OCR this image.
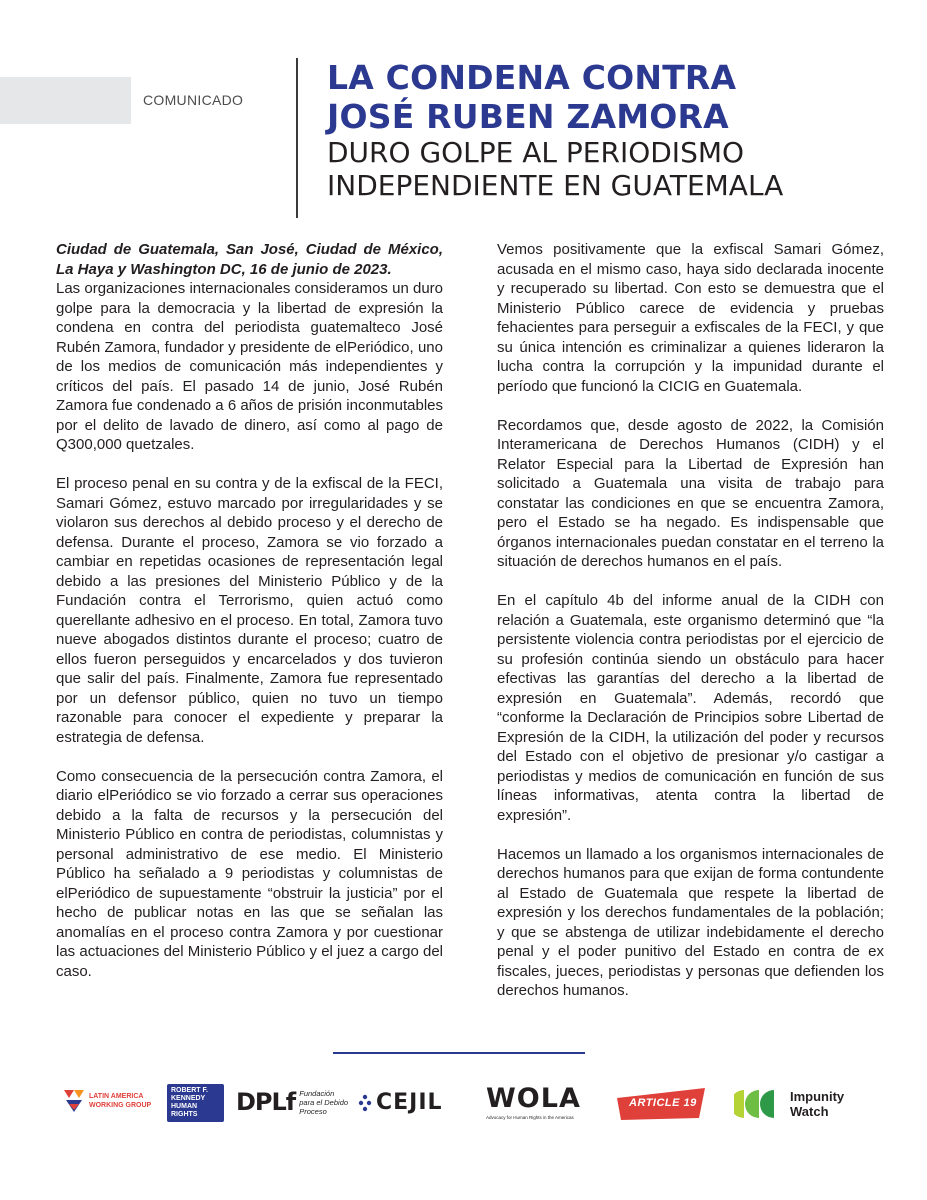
COMUNICADO
LA CONDENA CONTRA
JOSÉ RUBEN ZAMORA
DURO GOLPE AL PERIODISMO
INDEPENDIENTE EN GUATEMALA

Ciudad de Guatemala, San José, Ciudad de México, La Haya y Washington DC, 16 de junio de 2023.
Las organizaciones internacionales consideramos un duro golpe para la democracia y la libertad de expresión la condena en contra del periodista guatemalteco José Rubén Zamora, fundador y presidente de elPeriódico, uno de los medios de comunicación más independientes y críticos del país. El pasado 14 de junio, José Rubén Zamora fue condenado a 6 años de prisión inconmutables por el delito de lavado de dinero, así como al pago de Q300,000 quetzales.

El proceso penal en su contra y de la exfiscal de la FECI, Samari Gómez, estuvo marcado por irregularidades y se violaron sus derechos al debido proceso y el derecho de defensa. Durante el proceso, Zamora se vio forzado a cambiar en repetidas ocasiones de representación legal debido a las presiones del Ministerio Público y de la Fundación contra el Terrorismo, quien actuó como querellante adhesivo en el proceso. En total, Zamora tuvo nueve abogados distintos durante el proceso; cuatro de ellos fueron perseguidos y encarcelados y dos tuvieron que salir del país. Finalmente, Zamora fue representado por un defensor público, quien no tuvo un tiempo razonable para conocer el expediente y preparar la estrategia de defensa.

Como consecuencia de la persecución contra Zamora, el diario elPeriódico se vio forzado a cerrar sus operaciones debido a la falta de recursos y la persecución del Ministerio Público en contra de periodistas, columnistas y personal administrativo de ese medio. El Ministerio Público ha señalado a 9 periodistas y columnistas de elPeriódico de supuestamente “obstruir la justicia” por el hecho de publicar notas en las que se señalan las anomalías en el proceso contra Zamora y por cuestionar las actuaciones del Ministerio Público y el juez a cargo del caso.

Vemos positivamente que la exfiscal Samari Gómez, acusada en el mismo caso, haya sido declarada inocente y recuperado su libertad. Con esto se demuestra que el Ministerio Público carece de evidencia y pruebas fehacientes para perseguir a exfiscales de la FECI, y que su única intención es criminalizar a quienes lideraron la lucha contra la corrupción y la impunidad durante el período que funcionó la CICIG en Guatemala.

Recordamos que, desde agosto de 2022, la Comisión Interamericana de Derechos Humanos (CIDH) y el Relator Especial para la Libertad de Expresión han solicitado a Guatemala una visita de trabajo para constatar las condiciones en que se encuentra Zamora, pero el Estado se ha negado. Es indispensable que órganos internacionales puedan constatar en el terreno la situación de derechos humanos en el país.

En el capítulo 4b del informe anual de la CIDH con relación a Guatemala, este organismo determinó que “la persistente violencia contra periodistas por el ejercicio de su profesión continúa siendo un obstáculo para hacer efectivas las garantías del derecho a la libertad de expresión en Guatemala”. Además, recordó que “conforme la Declaración de Principios sobre Libertad de Expresión de la CIDH, la utilización del poder y recursos del Estado con el objetivo de presionar y/o castigar a periodistas y medios de comunicación en función de sus líneas informativas, atenta contra la libertad de expresión”.

Hacemos un llamado a los organismos internacionales de derechos humanos para que exijan de forma contundente al Estado de Guatemala que respete la libertad de expresión y los derechos fundamentales de la población; y que se abstenga de utilizar indebidamente el derecho penal y el poder punitivo del Estado en contra de ex fiscales, jueces, periodistas y personas que defienden los derechos humanos.

LATIN AMERICA
WORKING GROUP
ROBERT F.
KENNEDY
HUMAN
RIGHTS	DPLf Fundación
para el Debido
Proceso	CEJIL WOLA
Advocacy for Human Rights in the Americas
ARTICLE 19	Impunity
Watch
